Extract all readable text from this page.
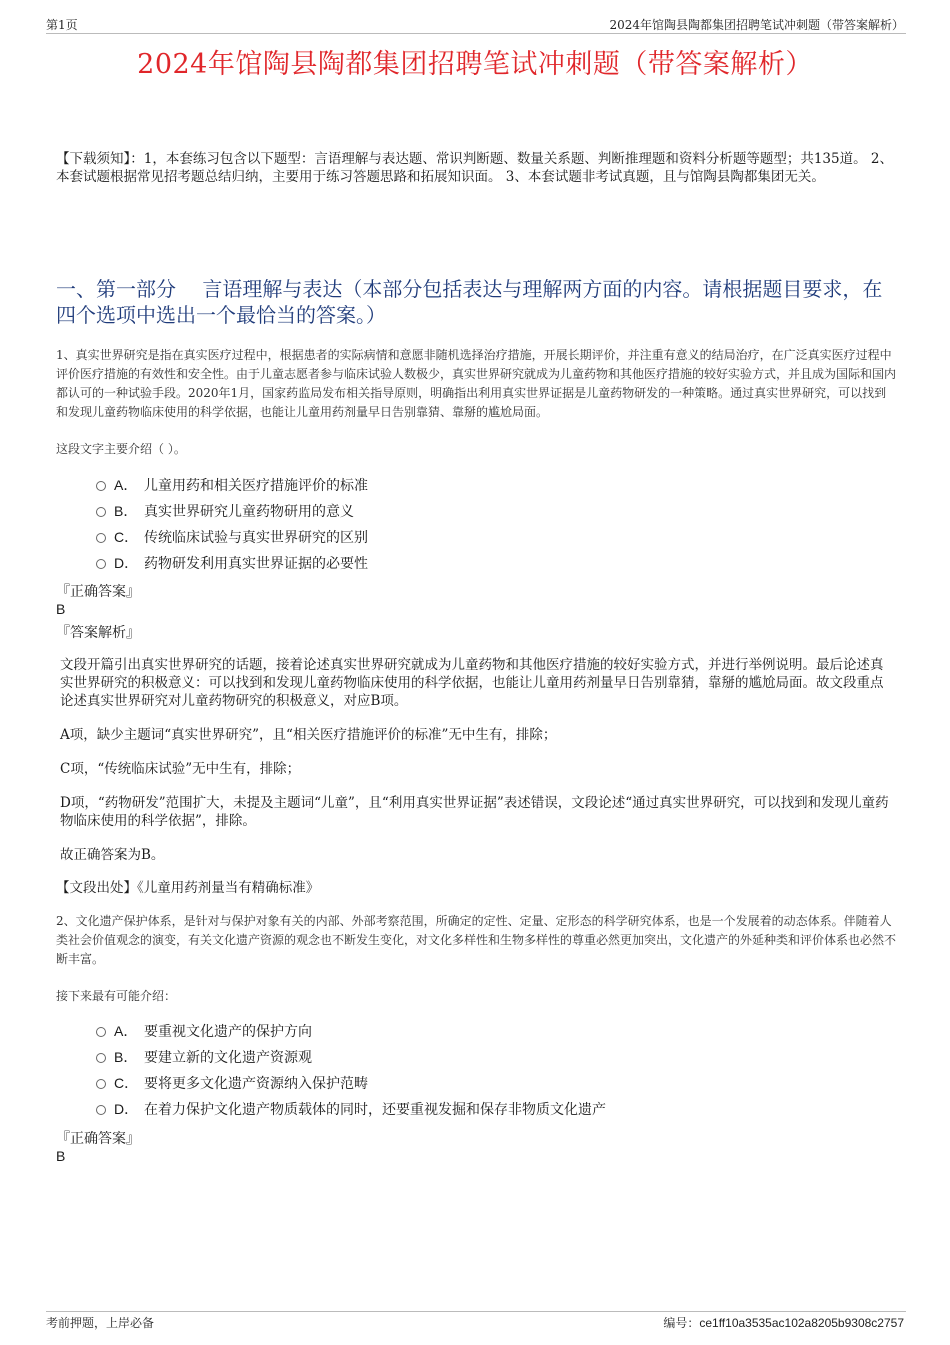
第1页	2024年馆陶县陶都集团招聘笔试冲刺题（带答案解析）
2024年馆陶县陶都集团招聘笔试冲刺题（带答案解析）
【下载须知】：1，本套练习包含以下题型：言语理解与表达题、常识判断题、数量关系题、判断推理题和资料分析题等题型；共135道。 2、本套试题根据常见招考题总结归纳，主要用于练习答题思路和拓展知识面。 3、本套试题非考试真题，且与馆陶县陶都集团无关。
一、第一部分　 言语理解与表达（本部分包括表达与理解两方面的内容。请根据题目要求，在四个选项中选出一个最恰当的答案。）
1、真实世界研究是指在真实医疗过程中，根据患者的实际病情和意愿非随机选择治疗措施，开展长期评价，并注重有意义的结局治疗，在广泛真实医疗过程中评价医疗措施的有效性和安全性。由于儿童志愿者参与临床试验人数极少，真实世界研究就成为儿童药物和其他医疗措施的较好实验方式，并且成为国际和国内都认可的一种试验手段。2020年1月，国家药监局发布相关指导原则，明确指出利用真实世界证据是儿童药物研发的一种策略。通过真实世界研究，可以找到和发现儿童药物临床使用的科学依据，也能让儿童用药剂量早日告别靠猜、靠掰的尴尬局面。
这段文字主要介绍（ ）。
A． 儿童用药和相关医疗措施评价的标准
B． 真实世界研究儿童药物研用的意义
C． 传统临床试验与真实世界研究的区别
D． 药物研发利用真实世界证据的必要性
『正确答案』
B
『答案解析』
文段开篇引出真实世界研究的话题，接着论述真实世界研究就成为儿童药物和其他医疗措施的较好实验方式，并进行举例说明。最后论述真实世界研究的积极意义：可以找到和发现儿童药物临床使用的科学依据，也能让儿童用药剂量早日告别靠猜，靠掰的尴尬局面。故文段重点论述真实世界研究对儿童药物研究的积极意义，对应B项。
A项，缺少主题词“真实世界研究”，且“相关医疗措施评价的标准”无中生有，排除；
C项，“传统临床试验”无中生有，排除；
D项，“药物研发”范围扩大，未提及主题词“儿童”，且“利用真实世界证据”表述错误，文段论述“通过真实世界研究，可以找到和发现儿童药物临床使用的科学依据”，排除。
故正确答案为B。
【文段出处】《儿童用药剂量当有精确标准》
2、文化遗产保护体系，是针对与保护对象有关的内部、外部考察范围，所确定的定性、定量、定形态的科学研究体系，也是一个发展着的动态体系。伴随着人类社会价值观念的演变，有关文化遗产资源的观念也不断发生变化，对文化多样性和生物多样性的尊重必然更加突出，文化遗产的外延种类和评价体系也必然不断丰富。
接下来最有可能介绍：
A． 要重视文化遗产的保护方向
B． 要建立新的文化遗产资源观
C． 要将更多文化遗产资源纳入保护范畴
D． 在着力保护文化遗产物质载体的同时，还要重视发掘和保存非物质文化遗产
『正确答案』
B
考前押题，上岸必备	编号：ce1ff10a3535ac102a8205b9308c2757
